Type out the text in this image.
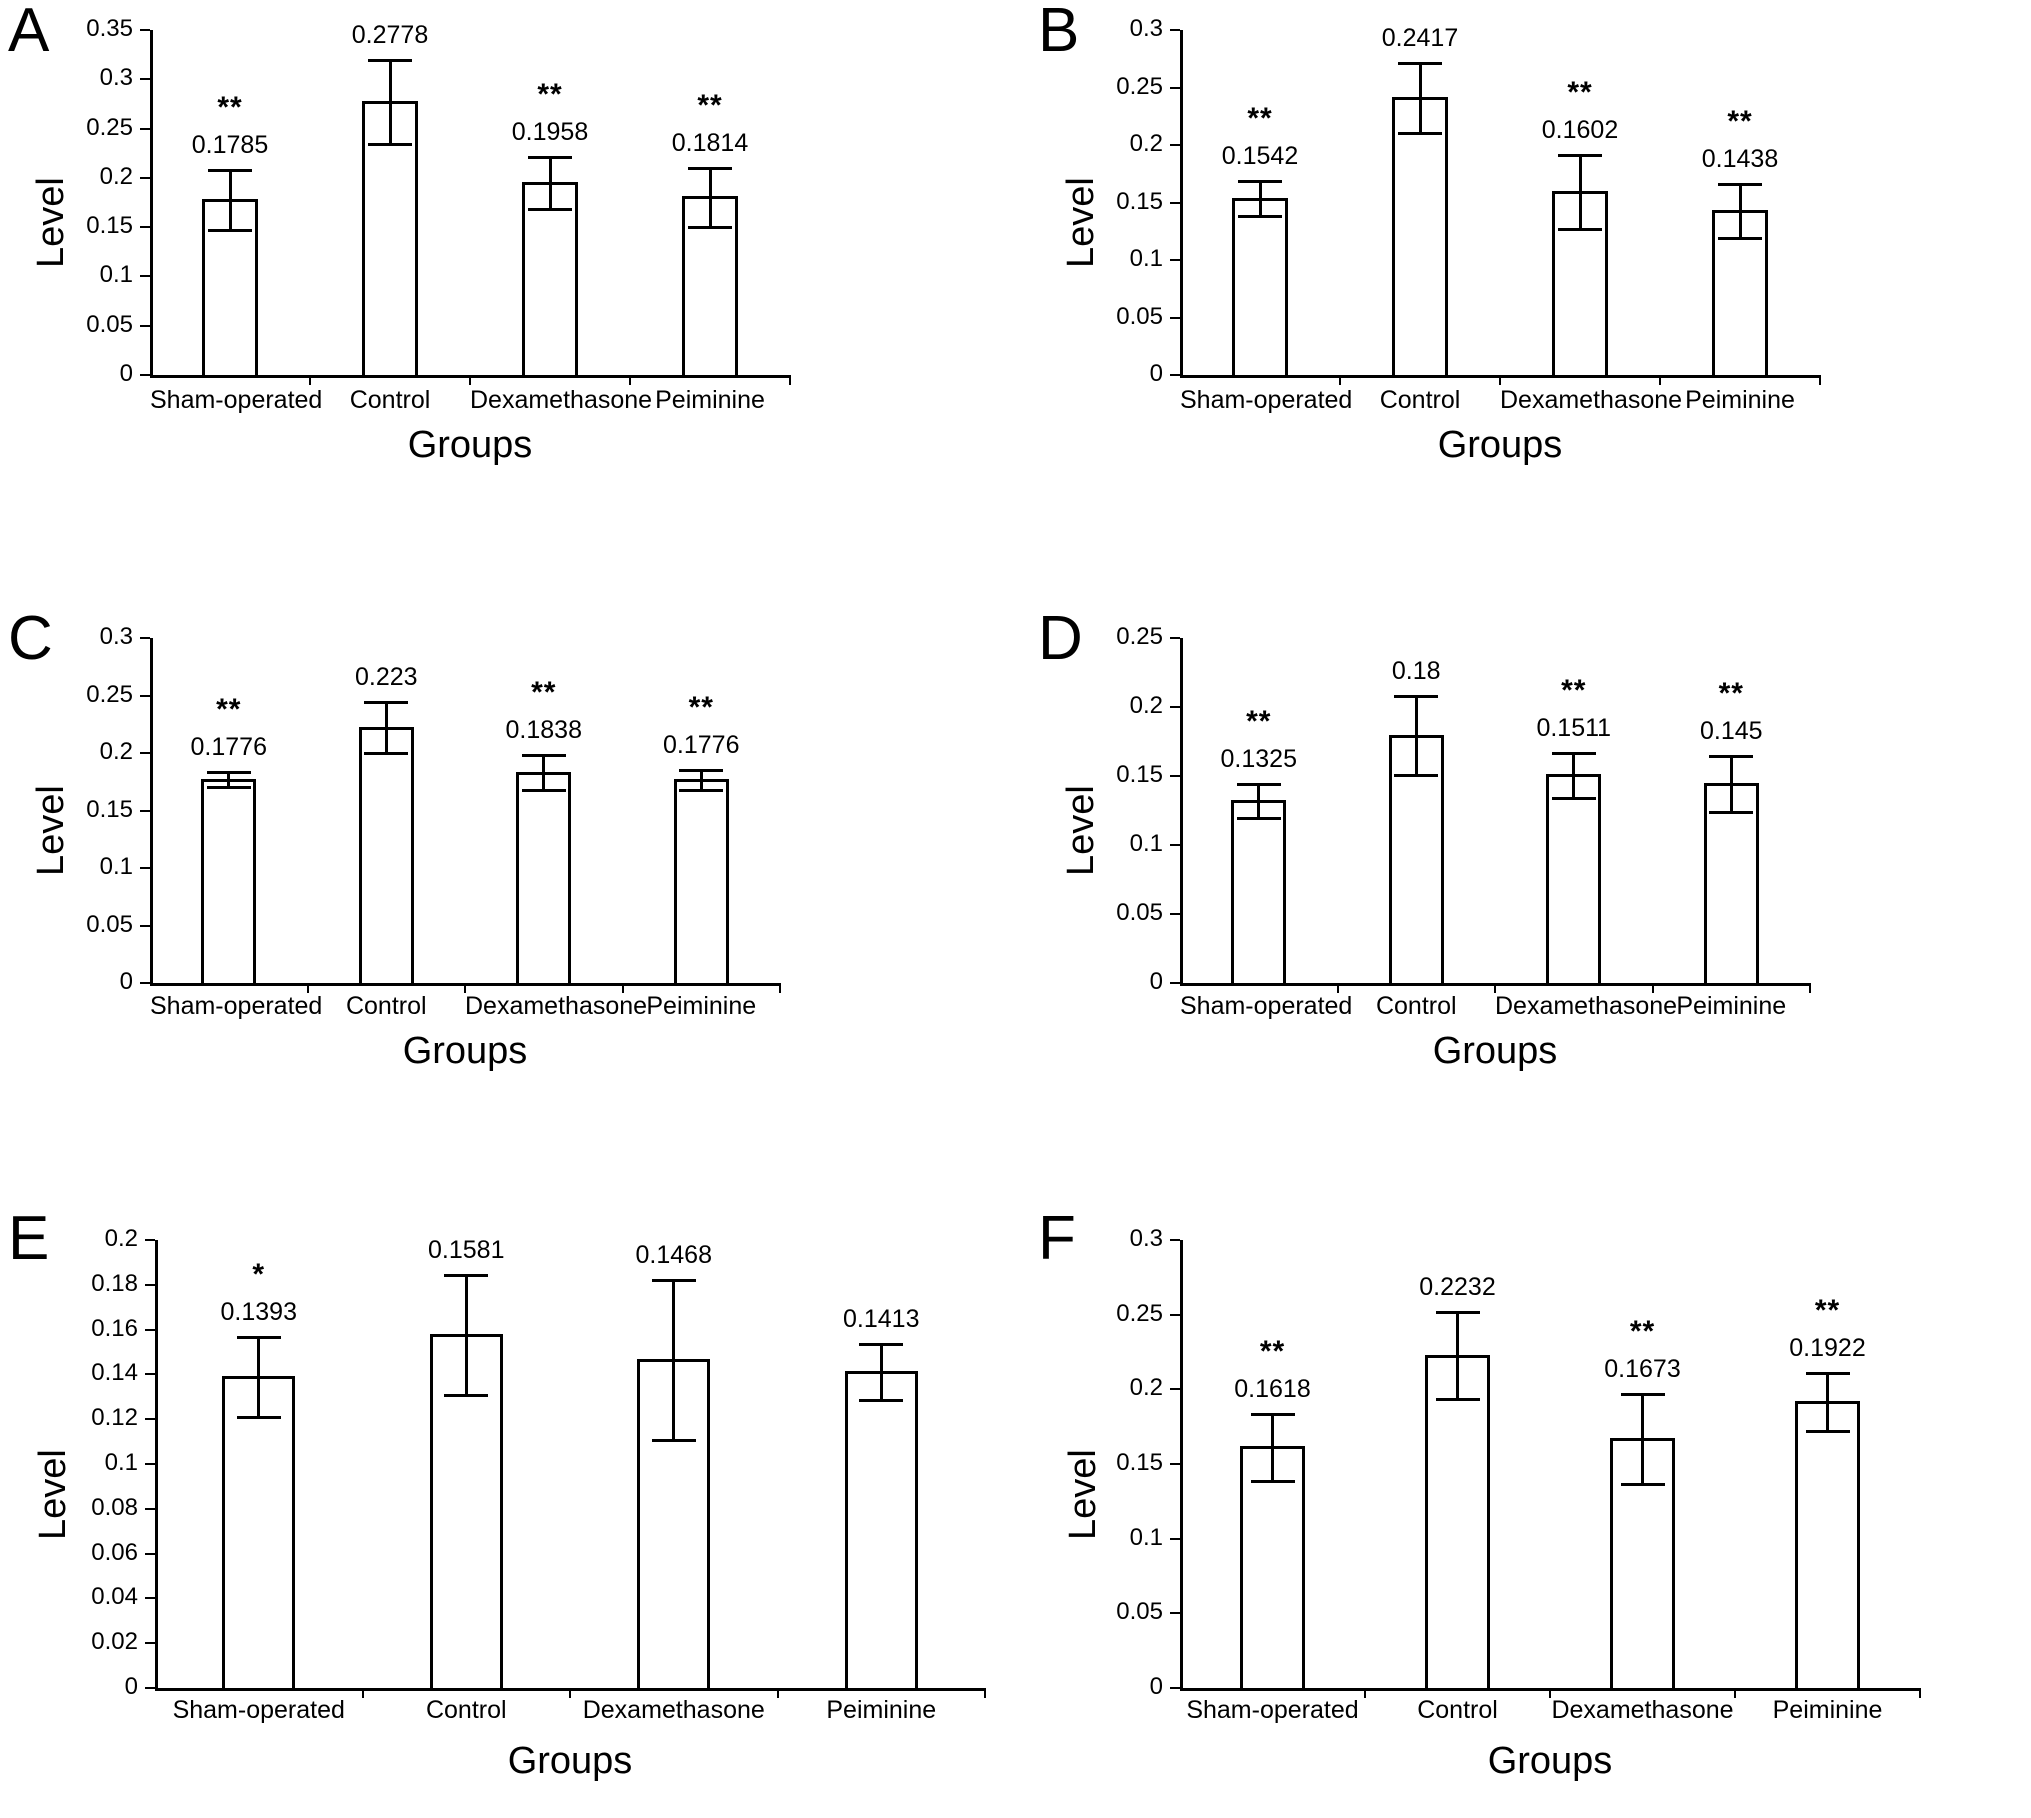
A
Level
Groups
0
0.05
0.1
0.15
0.2
0.25
0.3
0.35
0.1785
**
Sham-operated
0.2778
Control
0.1958
**
Dexamethasone
0.1814
**
Peiminine
B
Level
Groups
0
0.05
0.1
0.15
0.2
0.25
0.3
0.1542
**
Sham-operated
0.2417
Control
0.1602
**
Dexamethasone
0.1438
**
Peiminine
C
Level
Groups
0
0.05
0.1
0.15
0.2
0.25
0.3
0.1776
**
Sham-operated
0.223
Control
0.1838
**
Dexamethasone
0.1776
**
Peiminine
D
Level
Groups
0
0.05
0.1
0.15
0.2
0.25
0.1325
**
Sham-operated
0.18
Control
0.1511
**
Dexamethasone
0.145
**
Peiminine
E
Level
Groups
0
0.02
0.04
0.06
0.08
0.1
0.12
0.14
0.16
0.18
0.2
0.1393
*
Sham-operated
0.1581
Control
0.1468
Dexamethasone
0.1413
Peiminine
F
Level
Groups
0
0.05
0.1
0.15
0.2
0.25
0.3
0.1618
**
Sham-operated
0.2232
Control
0.1673
**
Dexamethasone
0.1922
**
Peiminine
